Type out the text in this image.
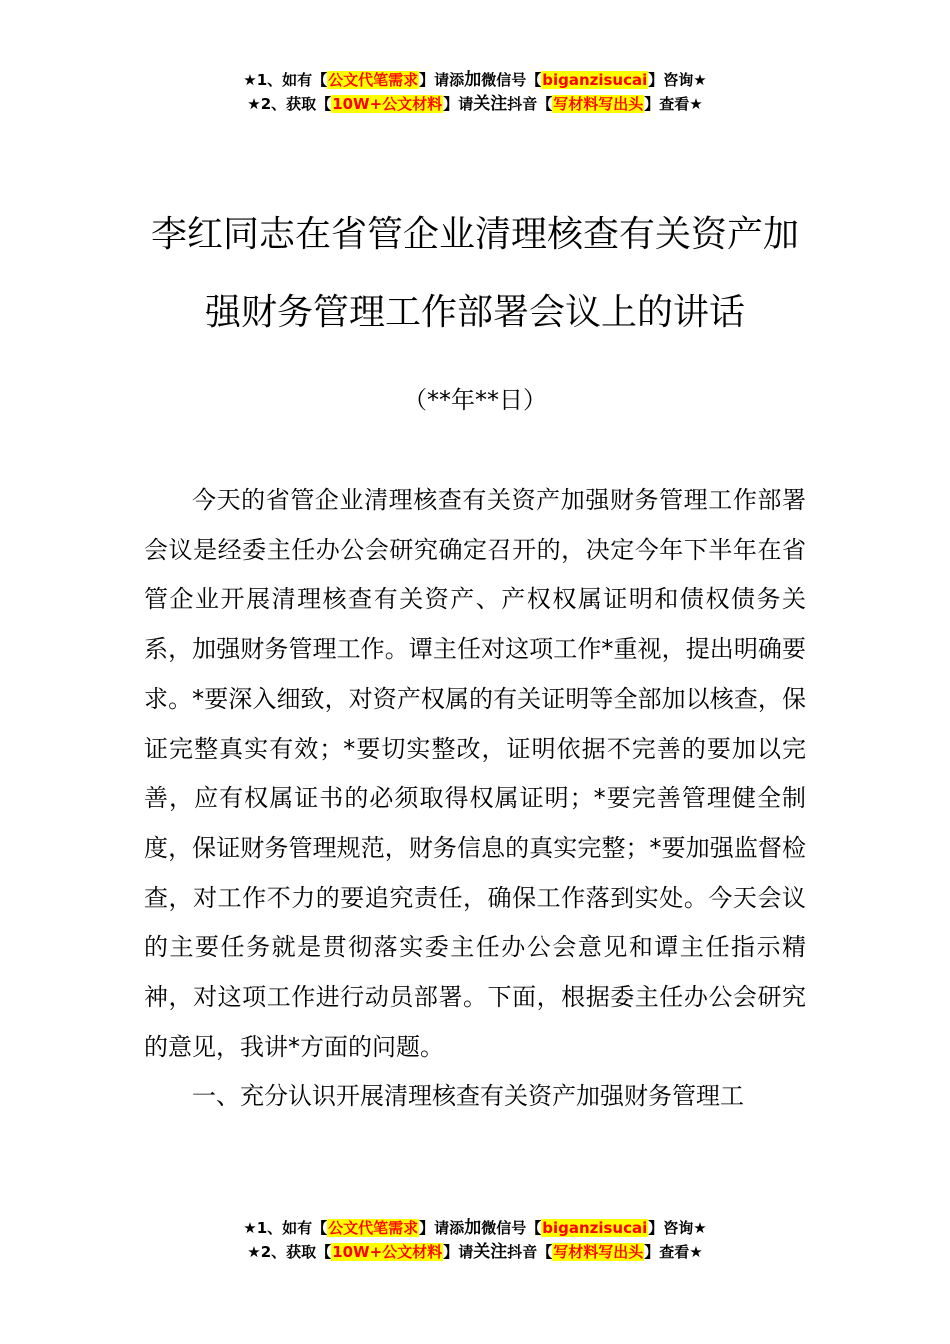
★1、如有【公文代笔需求】请添加微信号【biganzisucai】咨询★
★2、获取【10W+公文材料】请关注抖音【写材料写出头】查看★
李红同志在省管企业清理核查有关资产加
强财务管理工作部署会议上的讲话
（**年**日）

今天的省管企业清理核查有关资产加强财务管理工作部署会议是经委主任办公会研究确定召开的，决定今年下半年在省管企业开展清理核查有关资产、产权权属证明和债权债务关系，加强财务管理工作。谭主任对这项工作*重视，提出明确要求。*要深入细致，对资产权属的有关证明等全部加以核查，保证完整真实有效；*要切实整改，证明依据不完善的要加以完善，应有权属证书的必须取得权属证明；*要完善管理健全制度，保证财务管理规范，财务信息的真实完整；*要加强监督检查，对工作不力的要追究责任，确保工作落到实处。今天会议的主要任务就是贯彻落实委主任办公会意见和谭主任指示精神，对这项工作进行动员部署。下面，根据委主任办公会研究的意见，我讲*方面的问题。

一、充分认识开展清理核查有关资产加强财务管理工

★1、如有【公文代笔需求】请添加微信号【biganzisucai】咨询★
★2、获取【10W+公文材料】请关注抖音【写材料写出头】查看★
